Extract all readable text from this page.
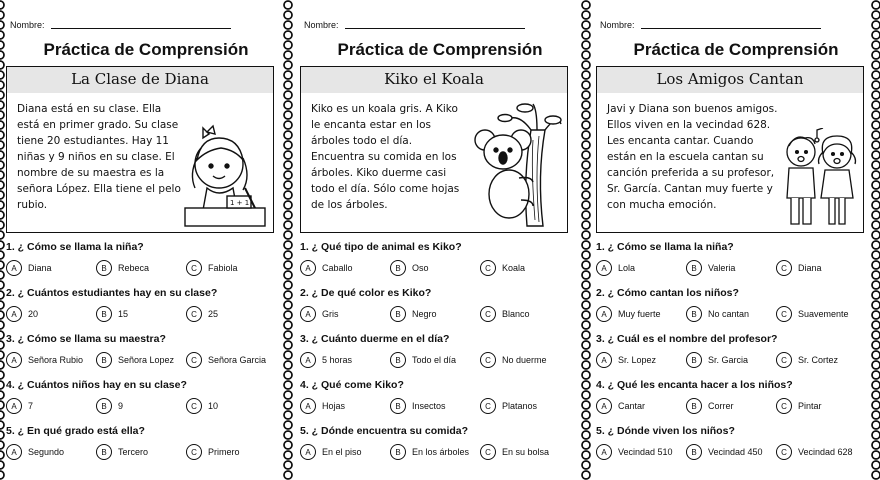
Nombre:
Práctica de Comprensión
La Clase de Diana
Diana está en su clase. Ella
está en primer grado. Su clase
tiene 20 estudiantes. Hay 11
niñas y 9 niños en su clase. El
nombre de su maestra es la
señora López. Ella tiene el pelo
rubio.	1 + 1
1. ¿ Cómo se llama la niña?
A	Diana	B	Rebeca	C	Fabiola
2. ¿ Cuántos estudiantes hay en su clase?
A	20	B	15	C	25
3. ¿ Cómo se llama su maestra?
A	Señora Rubio	B	Señora Lopez	C	Señora Garcia
4. ¿ Cuántos niños hay en su clase?
A	7	B	9	C	10
5. ¿ En qué grado está ella?
A	Segundo	B	Tercero	C	Primero
Nombre:
Práctica de Comprensión
Kiko el Koala
Kiko es un koala gris. A Kiko
le encanta estar en los
árboles todo el día.
Encuentra su comida en los
árboles. Kiko duerme casi
todo el día. Sólo come hojas
de los árboles.
1. ¿ Qué tipo de animal es Kiko?
A	Caballo	B	Oso	C	Koala
2. ¿ De qué color es Kiko?
A	Gris	B	Negro	C	Blanco
3. ¿ Cuánto duerme en el día?
A	5 horas	B	Todo el día	C	No duerme
4. ¿ Qué come Kiko?
A	Hojas	B	Insectos	C	Platanos
5. ¿ Dónde encuentra su comida?
A	En el piso	B	En los árboles	C	En su bolsa
Nombre:
Práctica de Comprensión
Los Amigos Cantan
Javi y Diana son buenos amigos.
Ellos viven en la vecindad 628.
Les encanta cantar. Cuando
están en la escuela cantan su
canción preferida a su profesor,
Sr. García. Cantan muy fuerte y
con mucha emoción.
1. ¿ Cómo se llama la niña?
A	Lola	B	Valeria	C	Diana
2. ¿ Cómo cantan los niños?
A	Muy fuerte	B	No cantan	C	Suavemente
3. ¿ Cuál es el nombre del profesor?
A	Sr. Lopez	B	Sr. Garcia	C	Sr. Cortez
4. ¿ Qué les encanta hacer a los niños?
A	Cantar	B	Correr	C	Pintar
5. ¿ Dónde viven los niños?
A	Vecindad 510	B	Vecindad 450	C	Vecindad 628
